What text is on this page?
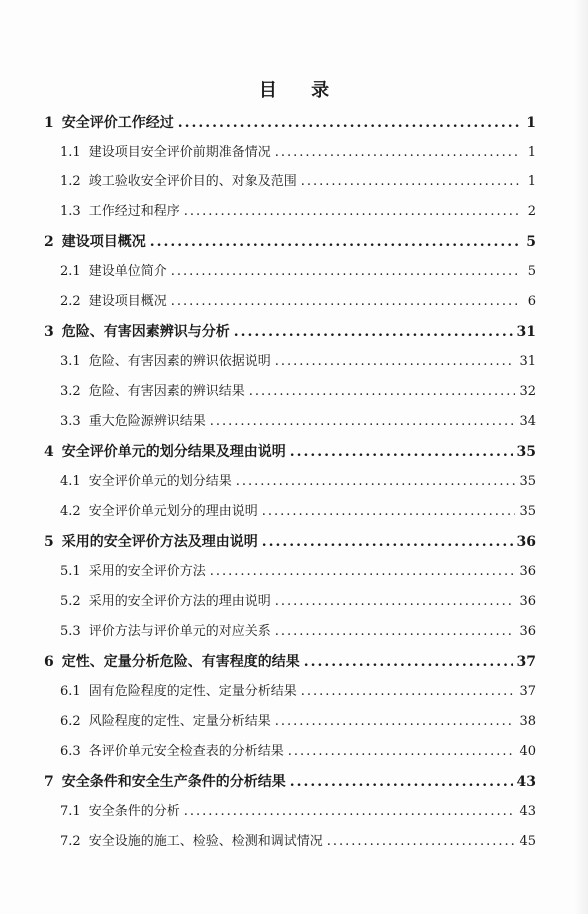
目 录
1 安全评价工作经过 .....	1
1.1 建设项目安全评价前期准备情况 .....	1
1.2 竣工验收安全评价目的、对象及范围 .....	1
1.3 工作经过和程序 .....	2
2 建设项目概况 .....	5
2.1 建设单位简介 .....	5
2.2 建设项目概况 .....	6
3 危险、有害因素辨识与分析 .....	31
3.1 危险、有害因素的辨识依据说明 .....	31
3.2 危险、有害因素的辨识结果 .....	32
3.3 重大危险源辨识结果 .....	34
4 安全评价单元的划分结果及理由说明 .....	35
4.1 安全评价单元的划分结果 .....	35
4.2 安全评价单元划分的理由说明 .....	35
5 采用的安全评价方法及理由说明 .....	36
5.1 采用的安全评价方法 .....	36
5.2 采用的安全评价方法的理由说明 .....	36
5.3 评价方法与评价单元的对应关系 .....	36
6 定性、定量分析危险、有害程度的结果 .....	37
6.1 固有危险程度的定性、定量分析结果 .....	37
6.2 风险程度的定性、定量分析结果 .....	38
6.3 各评价单元安全检查表的分析结果 .....	40
7 安全条件和安全生产条件的分析结果 .....	43
7.1 安全条件的分析 .....	43
7.2 安全设施的施工、检验、检测和调试情况 .....	45
